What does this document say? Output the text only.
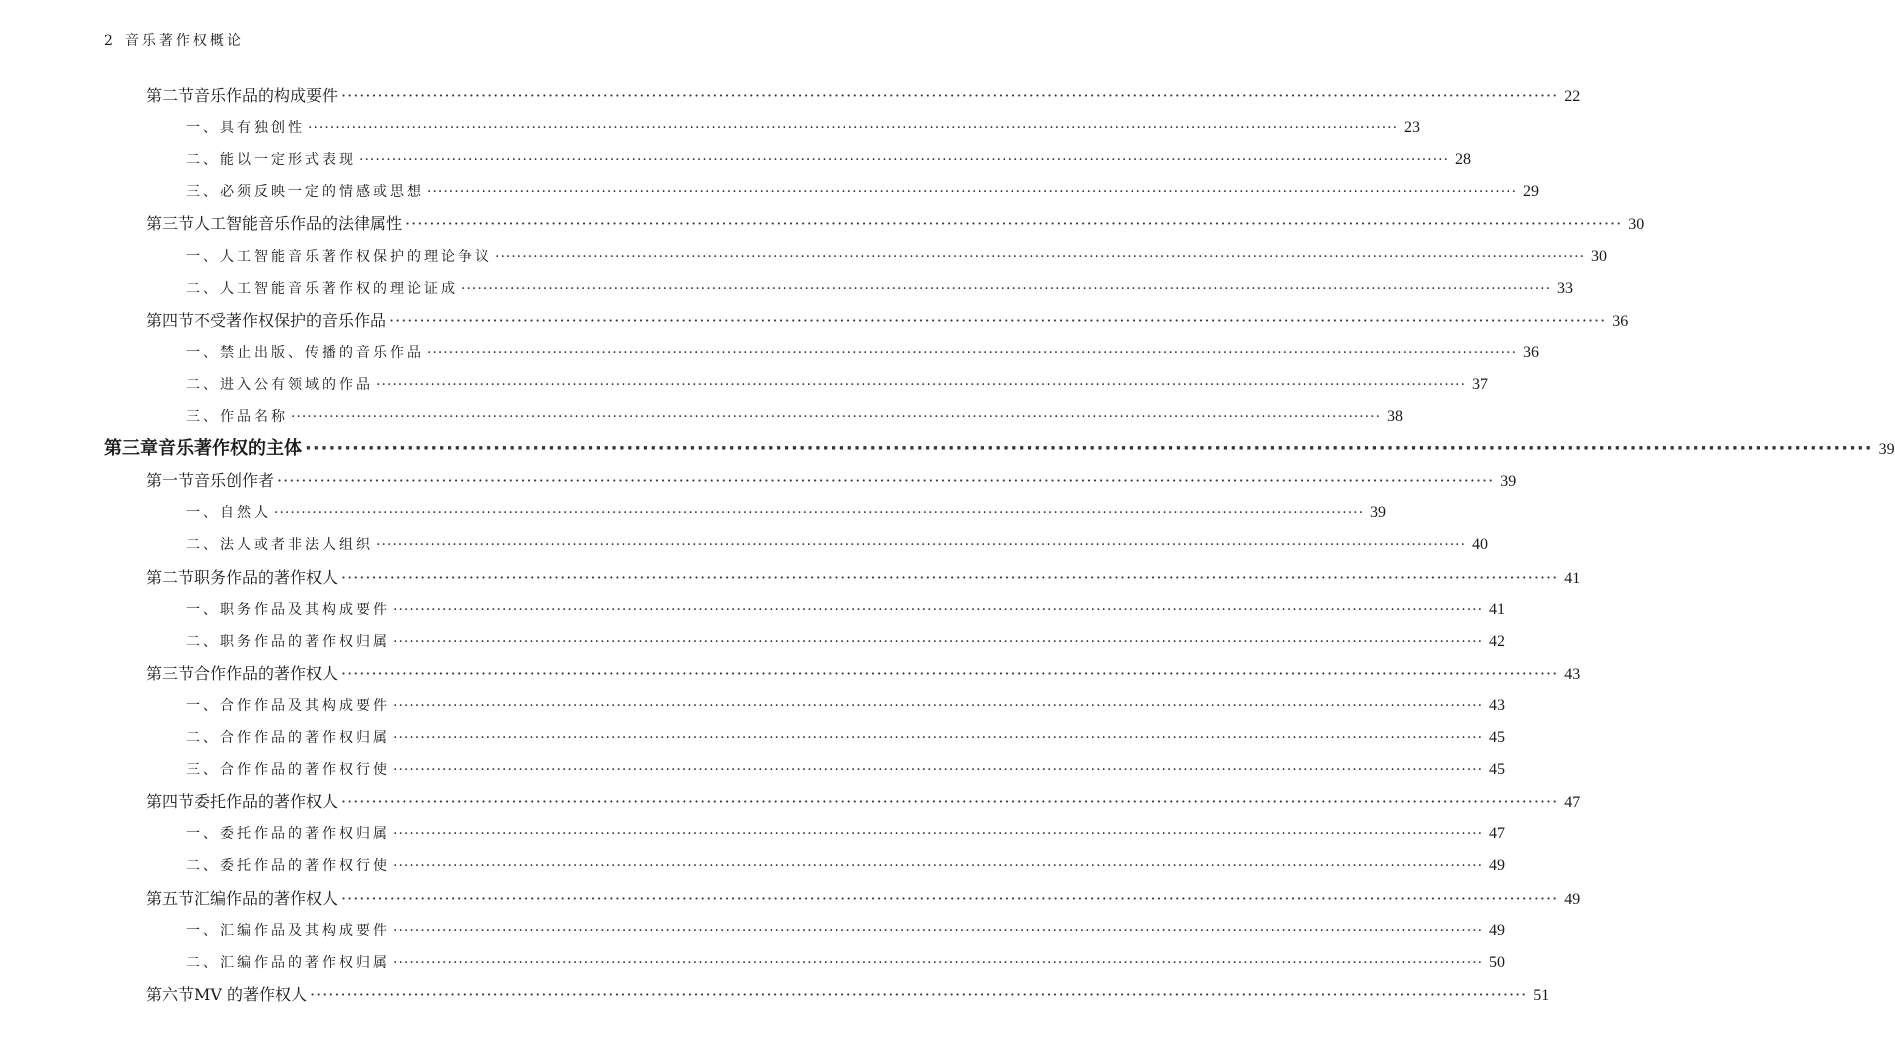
2 音乐著作权概论
第二节 音乐作品的构成要件 ········································································································································································································ 22
一、具有独创性 ········································································································································································································ 23
二、能以一定形式表现 ········································································································································································································ 28
三、必须反映一定的情感或思想 ········································································································································································································ 29
第三节 人工智能音乐作品的法律属性 ········································································································································································································ 30
一、人工智能音乐著作权保护的理论争议 ········································································································································································································ 30
二、人工智能音乐著作权的理论证成 ········································································································································································································ 33
第四节 不受著作权保护的音乐作品 ········································································································································································································ 36
一、禁止出版、传播的音乐作品 ········································································································································································································ 36
二、进入公有领域的作品 ········································································································································································································ 37
三、作品名称 ········································································································································································································ 38
第三章 音乐著作权的主体 ········································································································································································································ 39
第一节 音乐创作者 ········································································································································································································ 39
一、自然人 ········································································································································································································ 39
二、法人或者非法人组织 ········································································································································································································ 40
第二节 职务作品的著作权人 ········································································································································································································ 41
一、职务作品及其构成要件 ········································································································································································································ 41
二、职务作品的著作权归属 ········································································································································································································ 42
第三节 合作作品的著作权人 ········································································································································································································ 43
一、合作作品及其构成要件 ········································································································································································································ 43
二、合作作品的著作权归属 ········································································································································································································ 45
三、合作作品的著作权行使 ········································································································································································································ 45
第四节 委托作品的著作权人 ········································································································································································································ 47
一、委托作品的著作权归属 ········································································································································································································ 47
二、委托作品的著作权行使 ········································································································································································································ 49
第五节 汇编作品的著作权人 ········································································································································································································ 49
一、汇编作品及其构成要件 ········································································································································································································ 49
二、汇编作品的著作权归属 ········································································································································································································ 50
第六节 MV 的著作权人 ········································································································································································································ 51
